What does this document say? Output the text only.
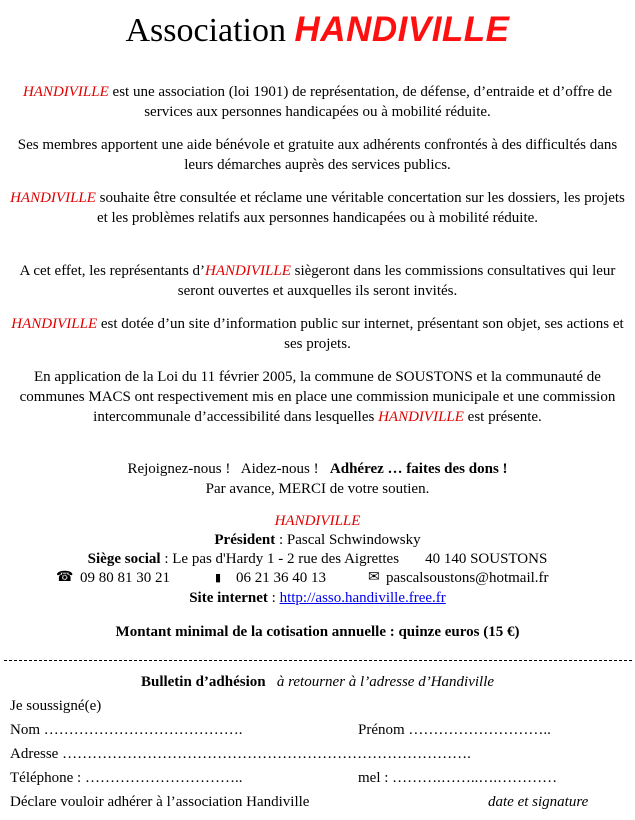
Association HANDIVILLE

HANDIVILLE est une association (loi 1901) de représentation, de défense, d’entraide et d’offre de services aux personnes handicapées ou à mobilité réduite.

Ses membres apportent une aide bénévole et gratuite aux adhérents confrontés à des difficultés dans leurs démarches auprès des services publics.

HANDIVILLE souhaite être consultée et réclame une véritable concertation sur les dossiers, les projets et les problèmes relatifs aux personnes handicapées ou à mobilité réduite.

A cet effet, les représentants d’HANDIVILLE siègeront dans les commissions consultatives qui leur seront ouvertes et auxquelles ils seront invités.

HANDIVILLE est dotée d’un site d’information public sur internet, présentant son objet, ses actions et ses projets.

En application de la Loi du 11 février 2005, la commune de SOUSTONS et la communauté de communes MACS ont respectivement mis en place une commission municipale et une commission intercommunale d’accessibilité dans lesquelles HANDIVILLE est présente.

Rejoignez-nous !   Aidez-nous !   Adhérez … faites des dons !
Par avance, MERCI de votre soutien.

HANDIVILLE
Président : Pascal Schwindowsky
Siège social : Le pas d'Hardy 1 - 2 rue des Aigrettes 40 140 SOUSTONS
☎ 09 80 81 30 21	▮ 06 21 36 40 13	✉ pascalsoustons@hotmail.fr
Site internet : http://asso.handiville.free.fr
Montant minimal de la cotisation annuelle : quinze euros (15 €)
Bulletin d’adhésion à retourner à l’adresse d’Handiville
Je soussigné(e)
Nom ………………………………….	Prénom ………………………..
Adresse ……………………………………………………………………….
Téléphone : …………………………..	mel : ……….……..….…………
Déclare vouloir adhérer à l’association Handiville	date et signature
